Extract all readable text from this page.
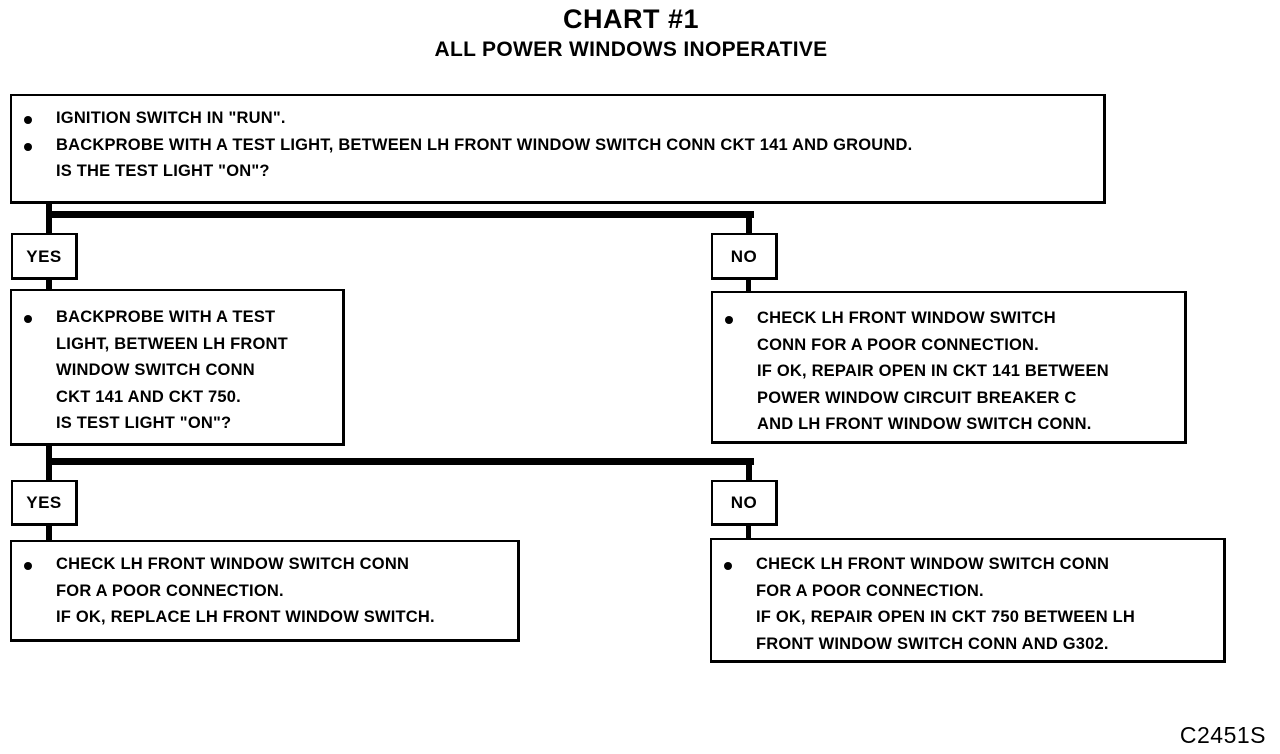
CHART #1
ALL POWER WINDOWS INOPERATIVE
IGNITION SWITCH IN "RUN".
BACKPROBE WITH A TEST LIGHT, BETWEEN LH FRONT WINDOW SWITCH CONN CKT 141 AND GROUND.
IS THE TEST LIGHT "ON"?
YES	NO
BACKPROBE WITH A TEST
LIGHT, BETWEEN LH FRONT
WINDOW SWITCH CONN
CKT 141 AND CKT 750.
IS TEST LIGHT "ON"?
CHECK LH FRONT WINDOW SWITCH
CONN FOR A POOR CONNECTION.
IF OK, REPAIR OPEN IN CKT 141 BETWEEN
POWER WINDOW CIRCUIT BREAKER C
AND LH FRONT WINDOW SWITCH CONN.
YES	NO
CHECK LH FRONT WINDOW SWITCH CONN
FOR A POOR CONNECTION.
IF OK, REPLACE LH FRONT WINDOW SWITCH.
CHECK LH FRONT WINDOW SWITCH CONN
FOR A POOR CONNECTION.
IF OK, REPAIR OPEN IN CKT 750 BETWEEN LH
FRONT WINDOW SWITCH CONN AND G302.
C2451S
